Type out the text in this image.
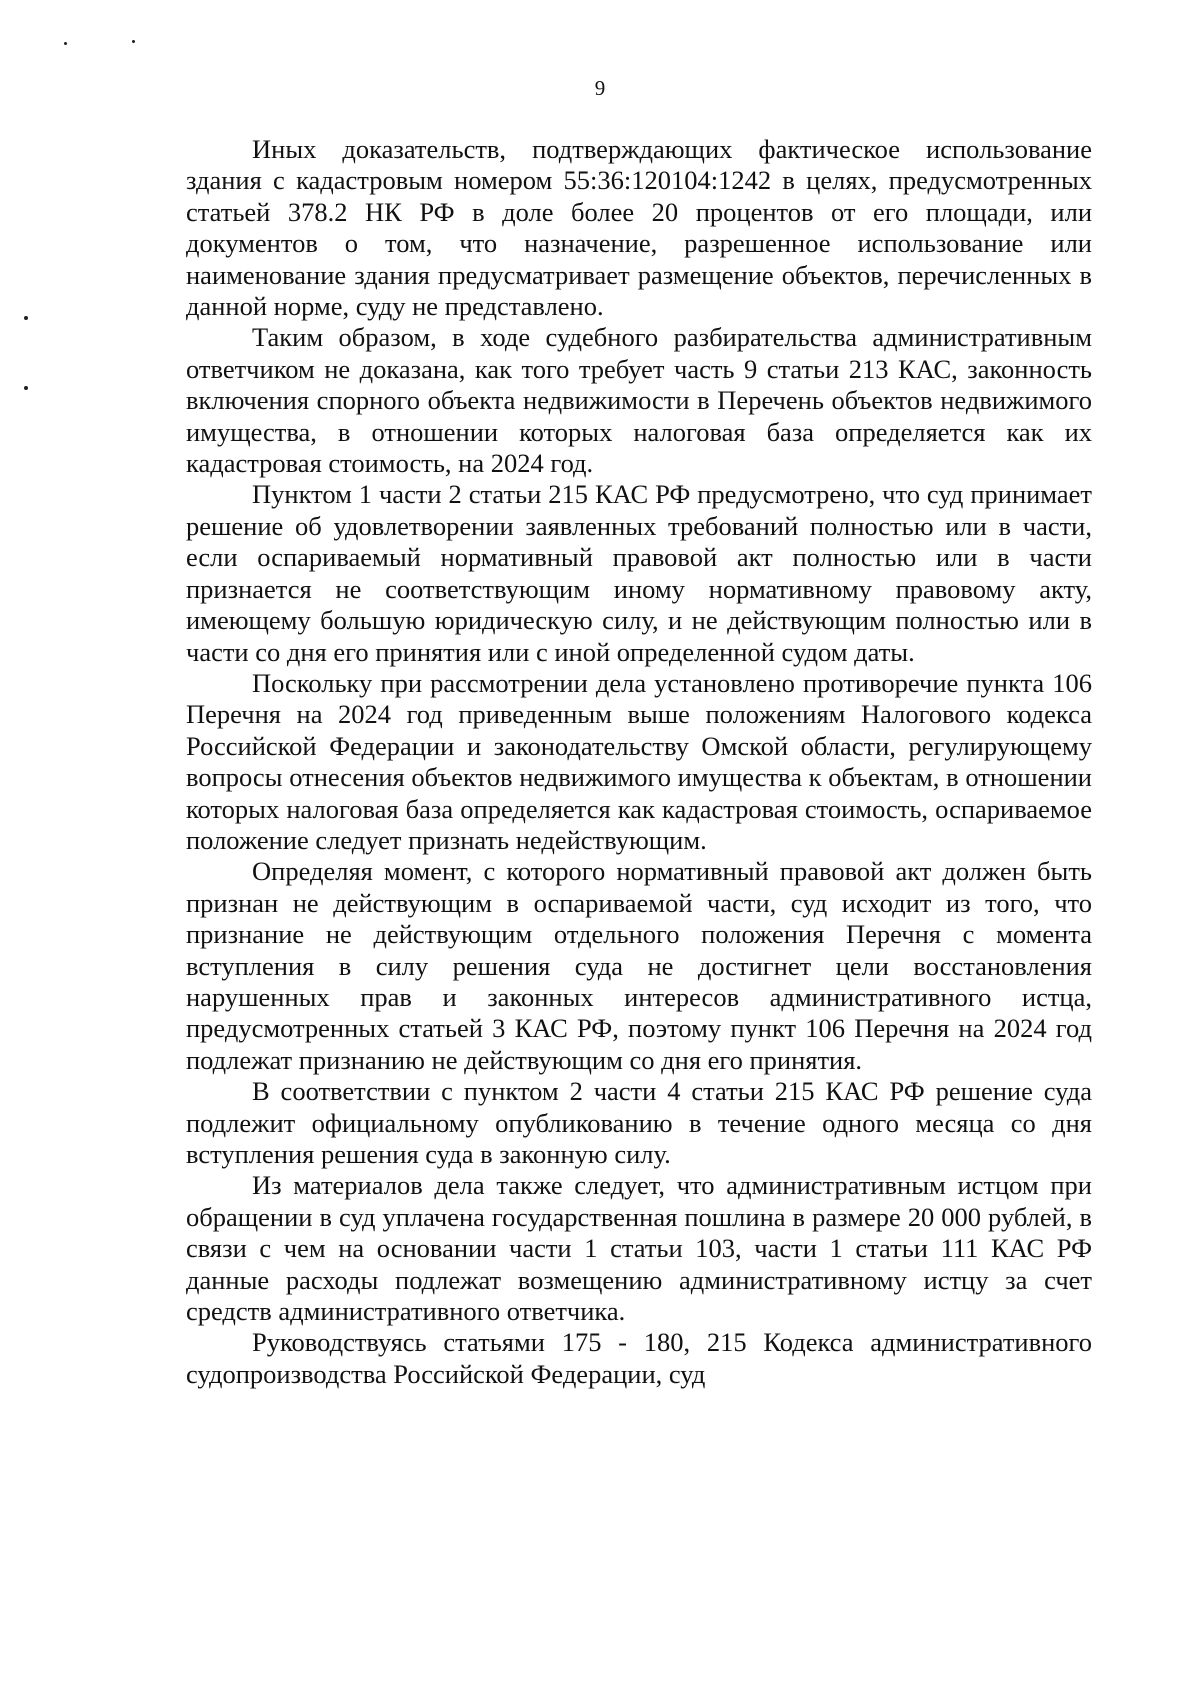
9

Иных доказательств, подтверждающих фактическое использование здания с кадастровым номером 55:36:120104:1242 в целях, предусмотренных статьей 378.2 НК РФ в доле более 20 процентов от его площади, или документов о том, что назначение, разрешенное использование или наименование здания предусматривает размещение объектов, перечисленных в данной норме, суду не представлено.

Таким образом, в ходе судебного разбирательства административным ответчиком не доказана, как того требует часть 9 статьи 213 КАС, законность включения спорного объекта недвижимости в Перечень объектов недвижимого имущества, в отношении которых налоговая база определяется как их кадастровая стоимость, на 2024 год.

Пунктом 1 части 2 статьи 215 КАС РФ предусмотрено, что суд принимает решение об удовлетворении заявленных требований полностью или в части, если оспариваемый нормативный правовой акт полностью или в части признается не соответствующим иному нормативному правовому акту, имеющему большую юридическую силу, и не действующим полностью или в части со дня его принятия или с иной определенной судом даты.

Поскольку при рассмотрении дела установлено противоречие пункта 106 Перечня на 2024 год приведенным выше положениям Налогового кодекса Российской Федерации и законодательству Омской области, регулирующему вопросы отнесения объектов недвижимого имущества к объектам, в отношении которых налоговая база определяется как кадастровая стоимость, оспариваемое положение следует признать недействующим.

Определяя момент, с которого нормативный правовой акт должен быть признан не действующим в оспариваемой части, суд исходит из того, что признание не действующим отдельного положения Перечня с момента вступления в силу решения суда не достигнет цели восстановления нарушенных прав и законных интересов административного истца, предусмотренных статьей 3 КАС РФ, поэтому пункт 106 Перечня на 2024 год подлежат признанию не действующим со дня его принятия.

В соответствии с пунктом 2 части 4 статьи 215 КАС РФ решение суда подлежит официальному опубликованию в течение одного месяца со дня вступления решения суда в законную силу.

Из материалов дела также следует, что административным истцом при обращении в суд уплачена государственная пошлина в размере 20 000 рублей, в связи с чем на основании части 1 статьи 103, части 1 статьи 111 КАС РФ данные расходы подлежат возмещению административному истцу за счет средств административного ответчика.

Руководствуясь статьями 175 - 180, 215 Кодекса административного судопроизводства Российской Федерации, суд
